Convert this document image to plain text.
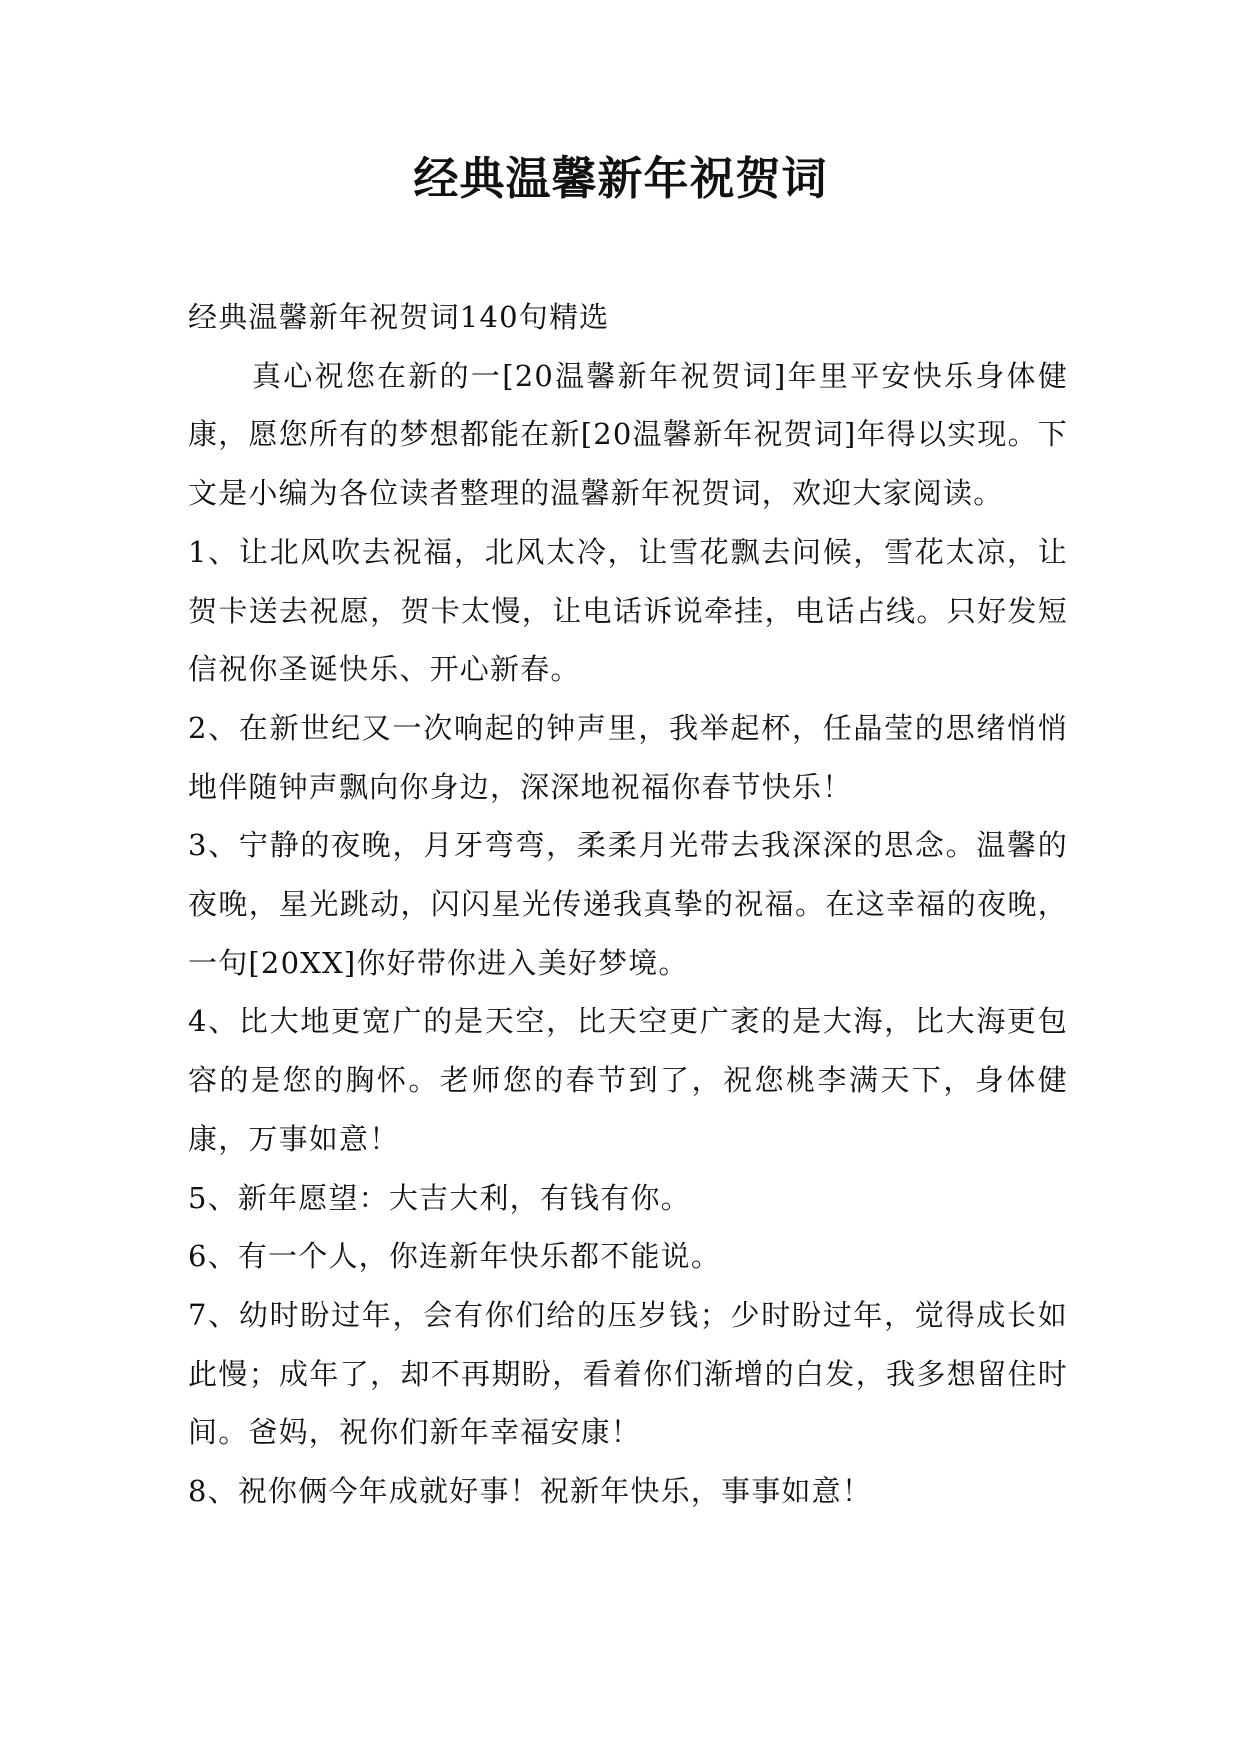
经典温馨新年祝贺词

经典温馨新年祝贺词140句精选

真心祝您在新的一[20温馨新年祝贺词]年里平安快乐身体健康，愿您所有的梦想都能在新[20温馨新年祝贺词]年得以实现。下文是小编为各位读者整理的温馨新年祝贺词，欢迎大家阅读。

1、让北风吹去祝福，北风太冷，让雪花飘去问候，雪花太凉，让贺卡送去祝愿，贺卡太慢，让电话诉说牵挂，电话占线。只好发短信祝你圣诞快乐、开心新春。

2、在新世纪又一次响起的钟声里，我举起杯，任晶莹的思绪悄悄地伴随钟声飘向你身边，深深地祝福你春节快乐！

3、宁静的夜晚，月牙弯弯，柔柔月光带去我深深的思念。温馨的夜晚，星光跳动，闪闪星光传递我真挚的祝福。在这幸福的夜晚，一句[20XX]你好带你进入美好梦境。

4、比大地更宽广的是天空，比天空更广袤的是大海，比大海更包容的是您的胸怀。老师您的春节到了，祝您桃李满天下，身体健康，万事如意！

5、新年愿望：大吉大利，有钱有你。

6、有一个人，你连新年快乐都不能说。

7、幼时盼过年，会有你们给的压岁钱；少时盼过年，觉得成长如此慢；成年了，却不再期盼，看着你们渐增的白发，我多想留住时间。爸妈，祝你们新年幸福安康！

8、祝你俩今年成就好事！祝新年快乐，事事如意！
